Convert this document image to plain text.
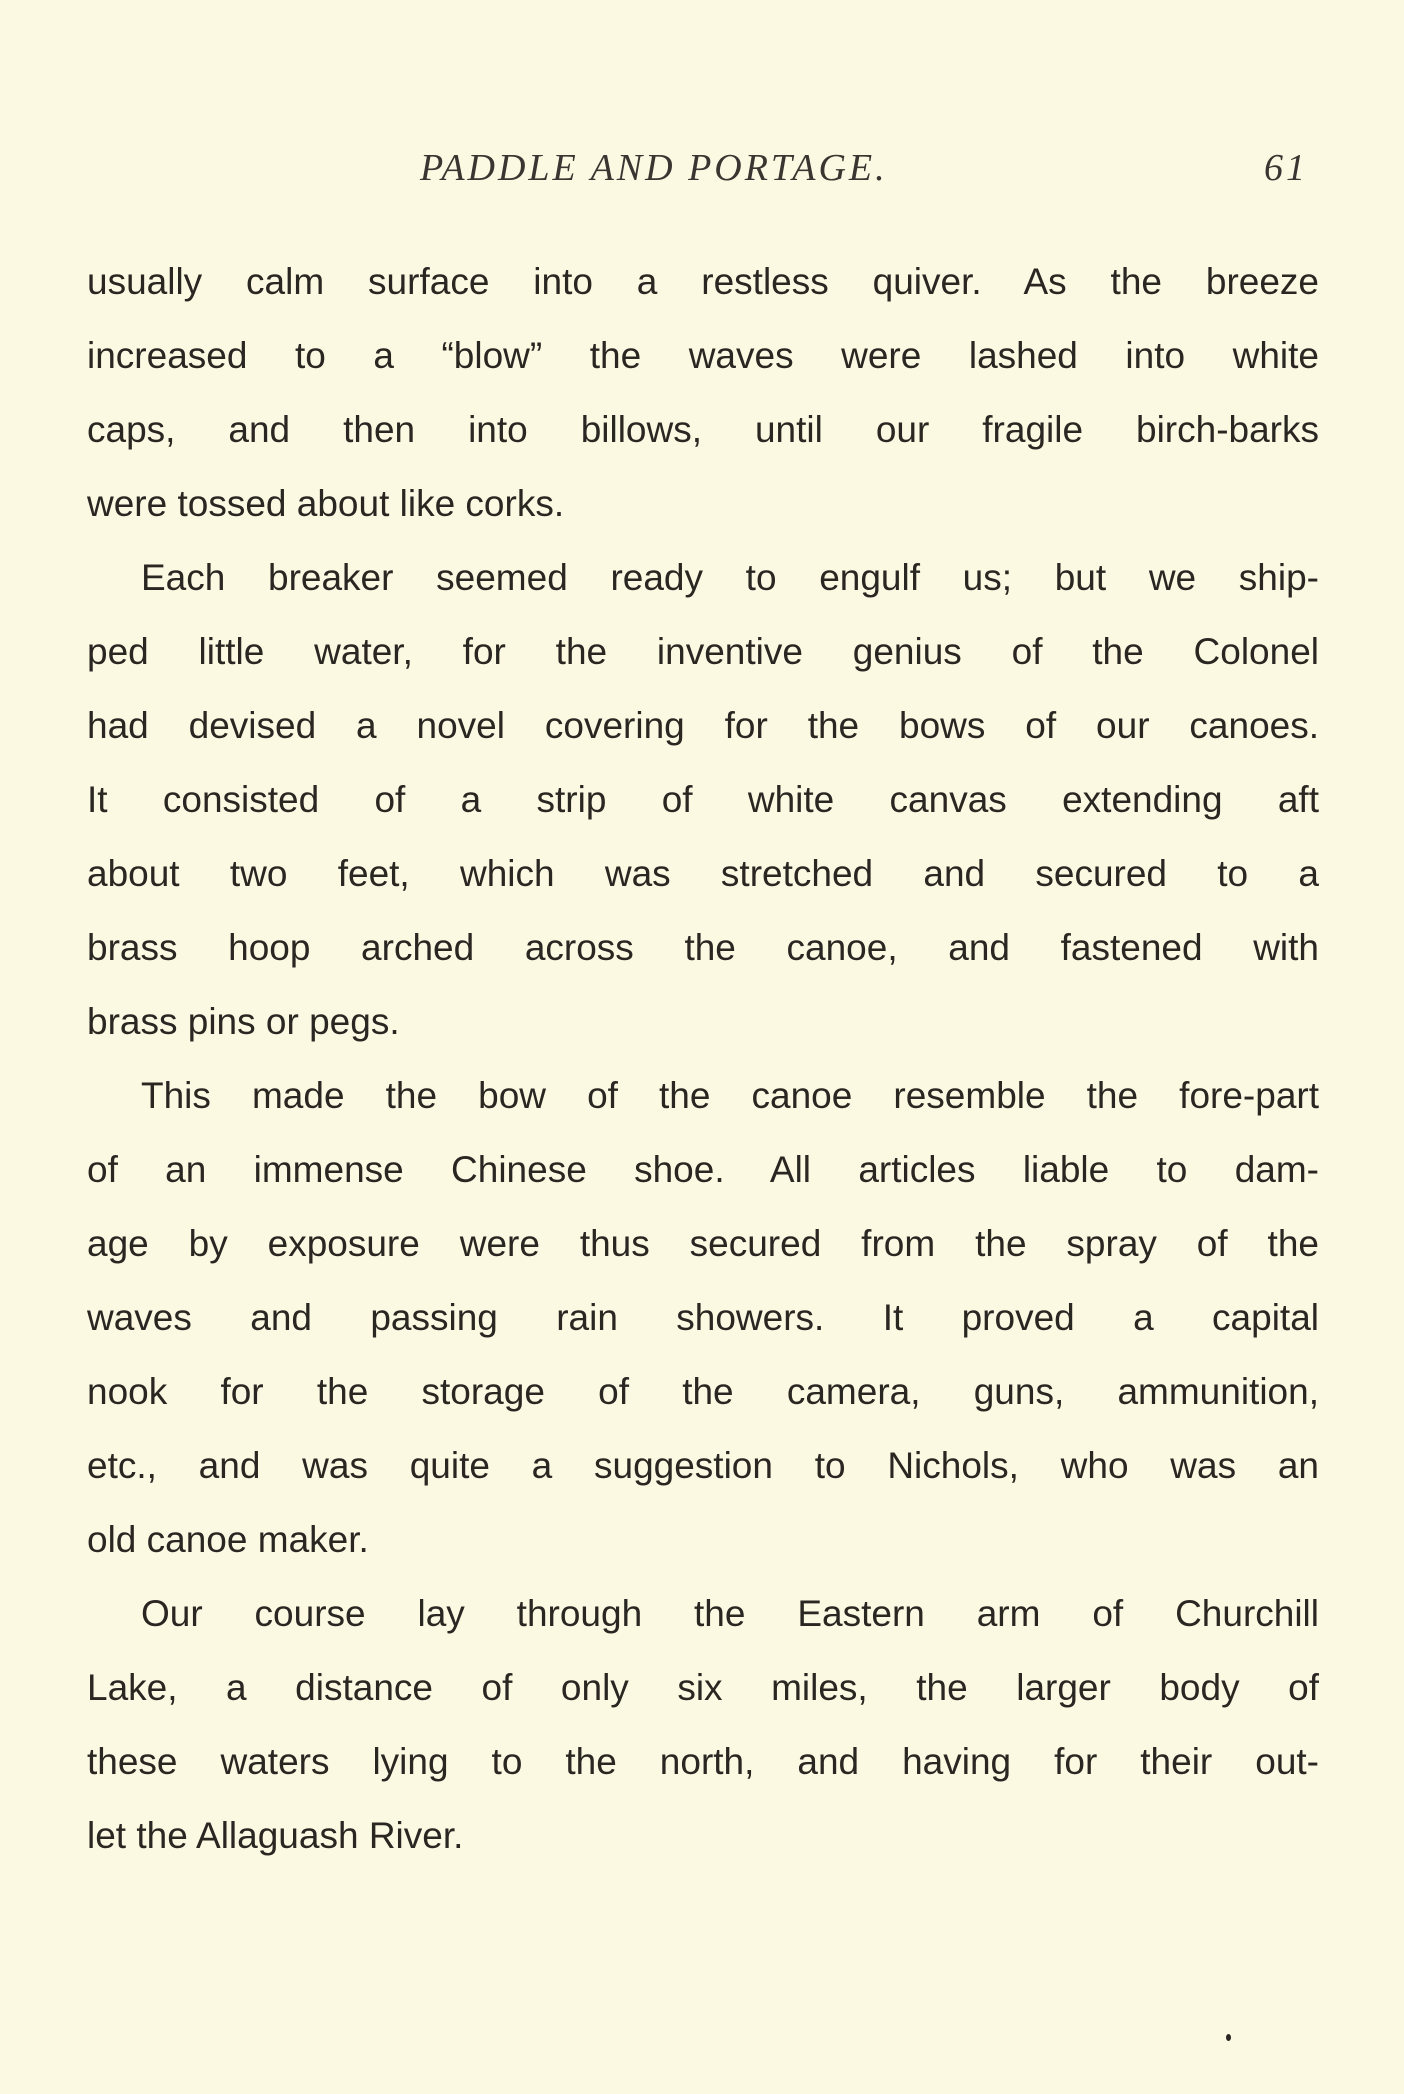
PADDLE AND PORTAGE.	61
usually calm surface into a restless quiver. As the breeze
increased to a “blow” the waves were lashed into white
caps, and then into billows, until our fragile birch-barks
were tossed about like corks.
Each breaker seemed ready to engulf us; but we ship-
ped little water, for the inventive genius of the Colonel
had devised a novel covering for the bows of our canoes.
It consisted of a strip of white canvas extending aft
about two feet, which was stretched and secured to a
brass hoop arched across the canoe, and fastened with
brass pins or pegs.
This made the bow of the canoe resemble the fore-part
of an immense Chinese shoe. All articles liable to dam-
age by exposure were thus secured from the spray of the
waves and passing rain showers. It proved a capital
nook for the storage of the camera, guns, ammunition,
etc., and was quite a suggestion to Nichols, who was an
old canoe maker.
Our course lay through the Eastern arm of Churchill
Lake, a distance of only six miles, the larger body of
these waters lying to the north, and having for their out-
let the Allaguash River.
